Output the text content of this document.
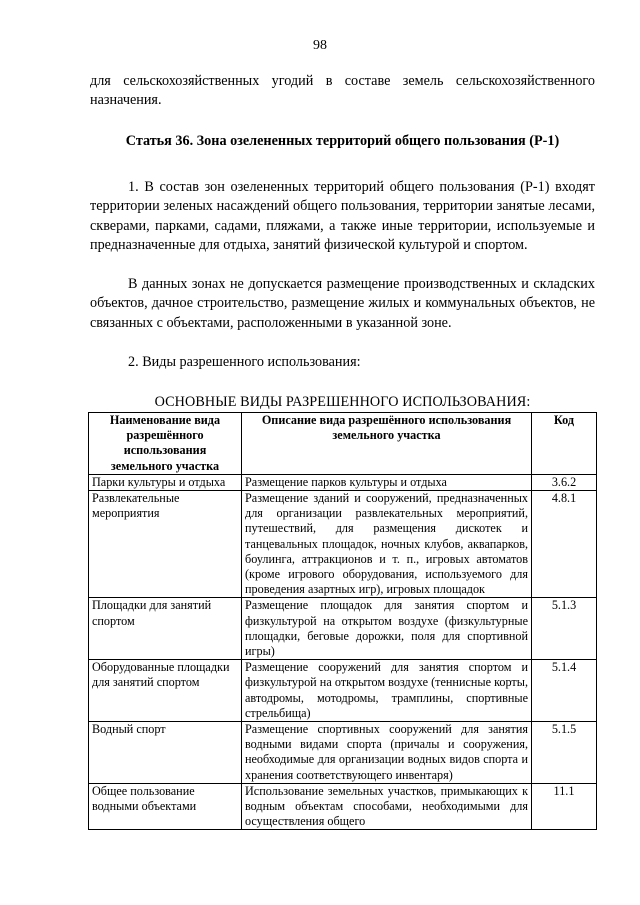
98

для сельскохозяйственных угодий в составе земель сельскохозяйственного назначения.

Статья 36. Зона озелененных территорий общего пользования (Р-1)

1. В состав зон озелененных территорий общего пользования (Р-1) входят территории зеленых насаждений общего пользования, территории занятые лесами, скверами, парками, садами, пляжами, а также иные территории, используемые и предназначенные для отдыха, занятий физической культурой и спортом.

В данных зонах не допускается размещение производственных и складских объектов, дачное строительство, размещение жилых и коммунальных объектов, не связанных с объектами, расположенными в указанной зоне.

2. Виды разрешенного использования:

ОСНОВНЫЕ ВИДЫ РАЗРЕШЕННОГО ИСПОЛЬЗОВАНИЯ:
Наименование вида разрешённого использования земельного участка	Описание вида разрешённого использования земельного участка	Код
Парки культуры и отдыха	Размещение парков культуры и отдыха	3.6.2
Развлекательные мероприятия	Размещение зданий и сооружений, предназначенных для организации развлекательных мероприятий, путешествий, для размещения дискотек и танцевальных площадок, ночных клубов, аквапарков, боулинга, аттракционов и т. п., игровых автоматов (кроме игрового оборудования, используемого для проведения азартных игр), игровых площадок	4.8.1
Площадки для занятий спортом	Размещение площадок для занятия спортом и физкультурой на открытом воздухе (физкультурные площадки, беговые дорожки, поля для спортивной игры)	5.1.3
Оборудованные площадки для занятий спортом	Размещение сооружений для занятия спортом и физкультурой на открытом воздухе (теннисные корты, автодромы, мотодромы, трамплины, спортивные стрельбища)	5.1.4
Водный спорт	Размещение спортивных сооружений для занятия водными видами спорта (причалы и сооружения, необходимые для организации водных видов спорта и хранения соответствующего инвентаря)	5.1.5
Общее пользование водными объектами	Использование земельных участков, примыкающих к водным объектам способами, необходимыми для осуществления общего	11.1
